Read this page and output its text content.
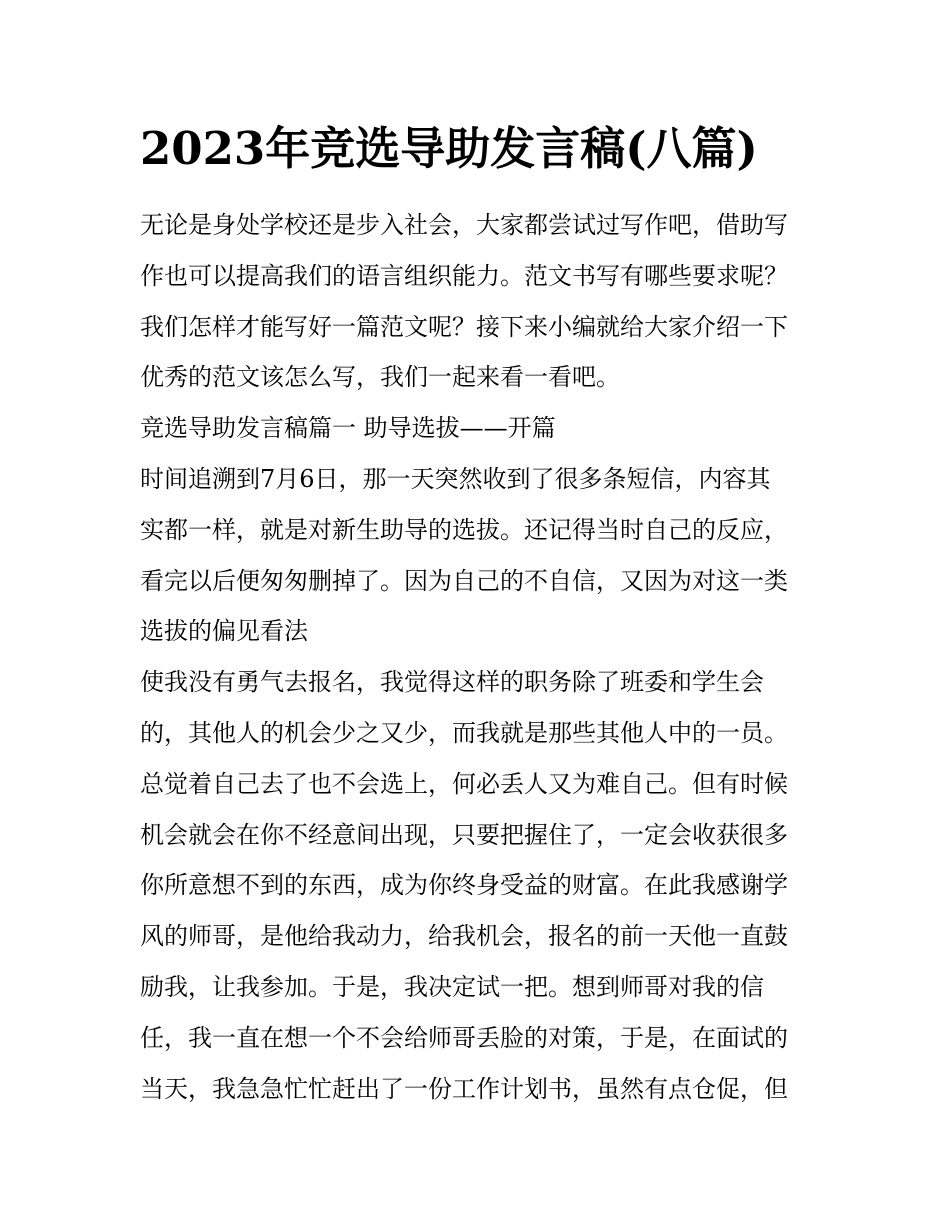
2023年竞选导助发言稿(八篇)
无论是身处学校还是步入社会，大家都尝试过写作吧，借助写
作也可以提高我们的语言组织能力。范文书写有哪些要求呢？
我们怎样才能写好一篇范文呢？接下来小编就给大家介绍一下
优秀的范文该怎么写，我们一起来看一看吧。
竞选导助发言稿篇一 助导选拔——开篇
时间追溯到7月6日，那一天突然收到了很多条短信，内容其
实都一样，就是对新生助导的选拔。还记得当时自己的反应，
看完以后便匆匆删掉了。因为自己的不自信，又因为对这一类
选拔的偏见看法
使我没有勇气去报名，我觉得这样的职务除了班委和学生会
的，其他人的机会少之又少，而我就是那些其他人中的一员。
总觉着自己去了也不会选上，何必丢人又为难自己。但有时候
机会就会在你不经意间出现，只要把握住了，一定会收获很多
你所意想不到的东西，成为你终身受益的财富。在此我感谢学
风的师哥，是他给我动力，给我机会，报名的前一天他一直鼓
励我，让我参加。于是，我决定试一把。想到师哥对我的信
任，我一直在想一个不会给师哥丢脸的对策，于是，在面试的
当天，我急急忙忙赶出了一份工作计划书，虽然有点仓促，但
